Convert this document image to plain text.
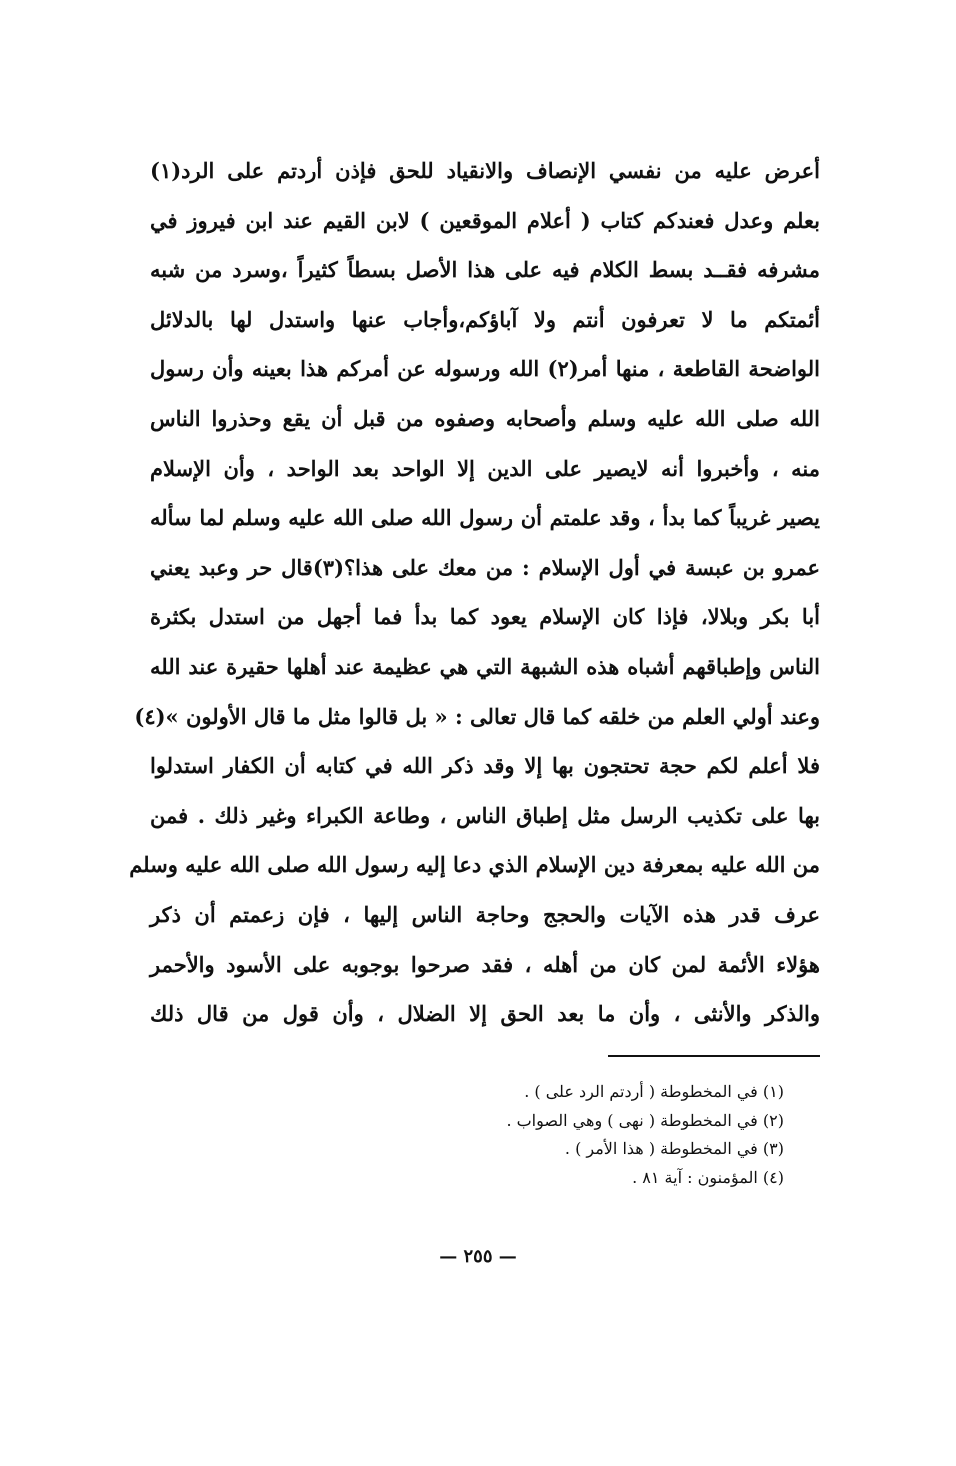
أعرض عليه من نفسي الإنصاف والانقياد للحق فإذن أردتم على الرد(١)
بعلم وعدل فعندكم كتاب ( أعلام الموقعين ) لابن القيم عند ابن فيروز في
مشرفه فقــد بسط الكلام فيه على هذا الأصل بسطاً كثيراً ،وسرد من شبه
أئمتكم ما لا تعرفون أنتم ولا آباؤكم،وأجاب عنها واستدل لها بالدلائل
الواضحة القاطعة ، منها أمر(٢) الله ورسوله عن أمركم هذا بعينه وأن رسول
الله صلى الله عليه وسلم وأصحابه وصفوه من قبل أن يقع وحذروا الناس
منه ، وأخبروا أنه لايصير على الدين إلا الواحد بعد الواحد ، وأن الإسلام
يصير غريباً كما بدأ ، وقد علمتم أن رسول الله صلى الله عليه وسلم لما سأله
عمرو بن عبسة في أول الإسلام : من معك على هذا؟(٣)قال حر وعبد يعني
أبا بكر وبلالا، فإذا كان الإسلام يعود كما بدأ فما أجهل من استدل بكثرة
الناس وإطباقهم أشباه هذه الشبهة التي هي عظيمة عند أهلها حقيرة عند الله
وعند أولي العلم من خلقه كما قال تعالى : « بل قالوا مثل ما قال الأولون »(٤)
فلا أعلم لكم حجة تحتجون بها إلا وقد ذكر الله في كتابه أن الكفار استدلوا
بها على تكذيب الرسل مثل إطباق الناس ، وطاعة الكبراء وغير ذلك . فمن
من الله عليه بمعرفة دين الإسلام الذي دعا إليه رسول الله صلى الله عليه وسلم
عرف قدر هذه الآيات والحجج وحاجة الناس إليها ، فإن زعمتم أن ذكر
هؤلاء الأئمة لمن كان من أهله ، فقد صرحوا بوجوبه على الأسود والأحمر
والذكر والأنثى ، وأن ما بعد الحق إلا الضلال ، وأن قول من قال ذلك
(١) في المخطوطة ( أردتم الرد على ) .
(٢) في المخطوطة ( نهى ) وهي الصواب .
(٣) في المخطوطة ( هذا الأمر ) .
(٤) المؤمنون : آية ٨١ .
— ٢٥٥ —
